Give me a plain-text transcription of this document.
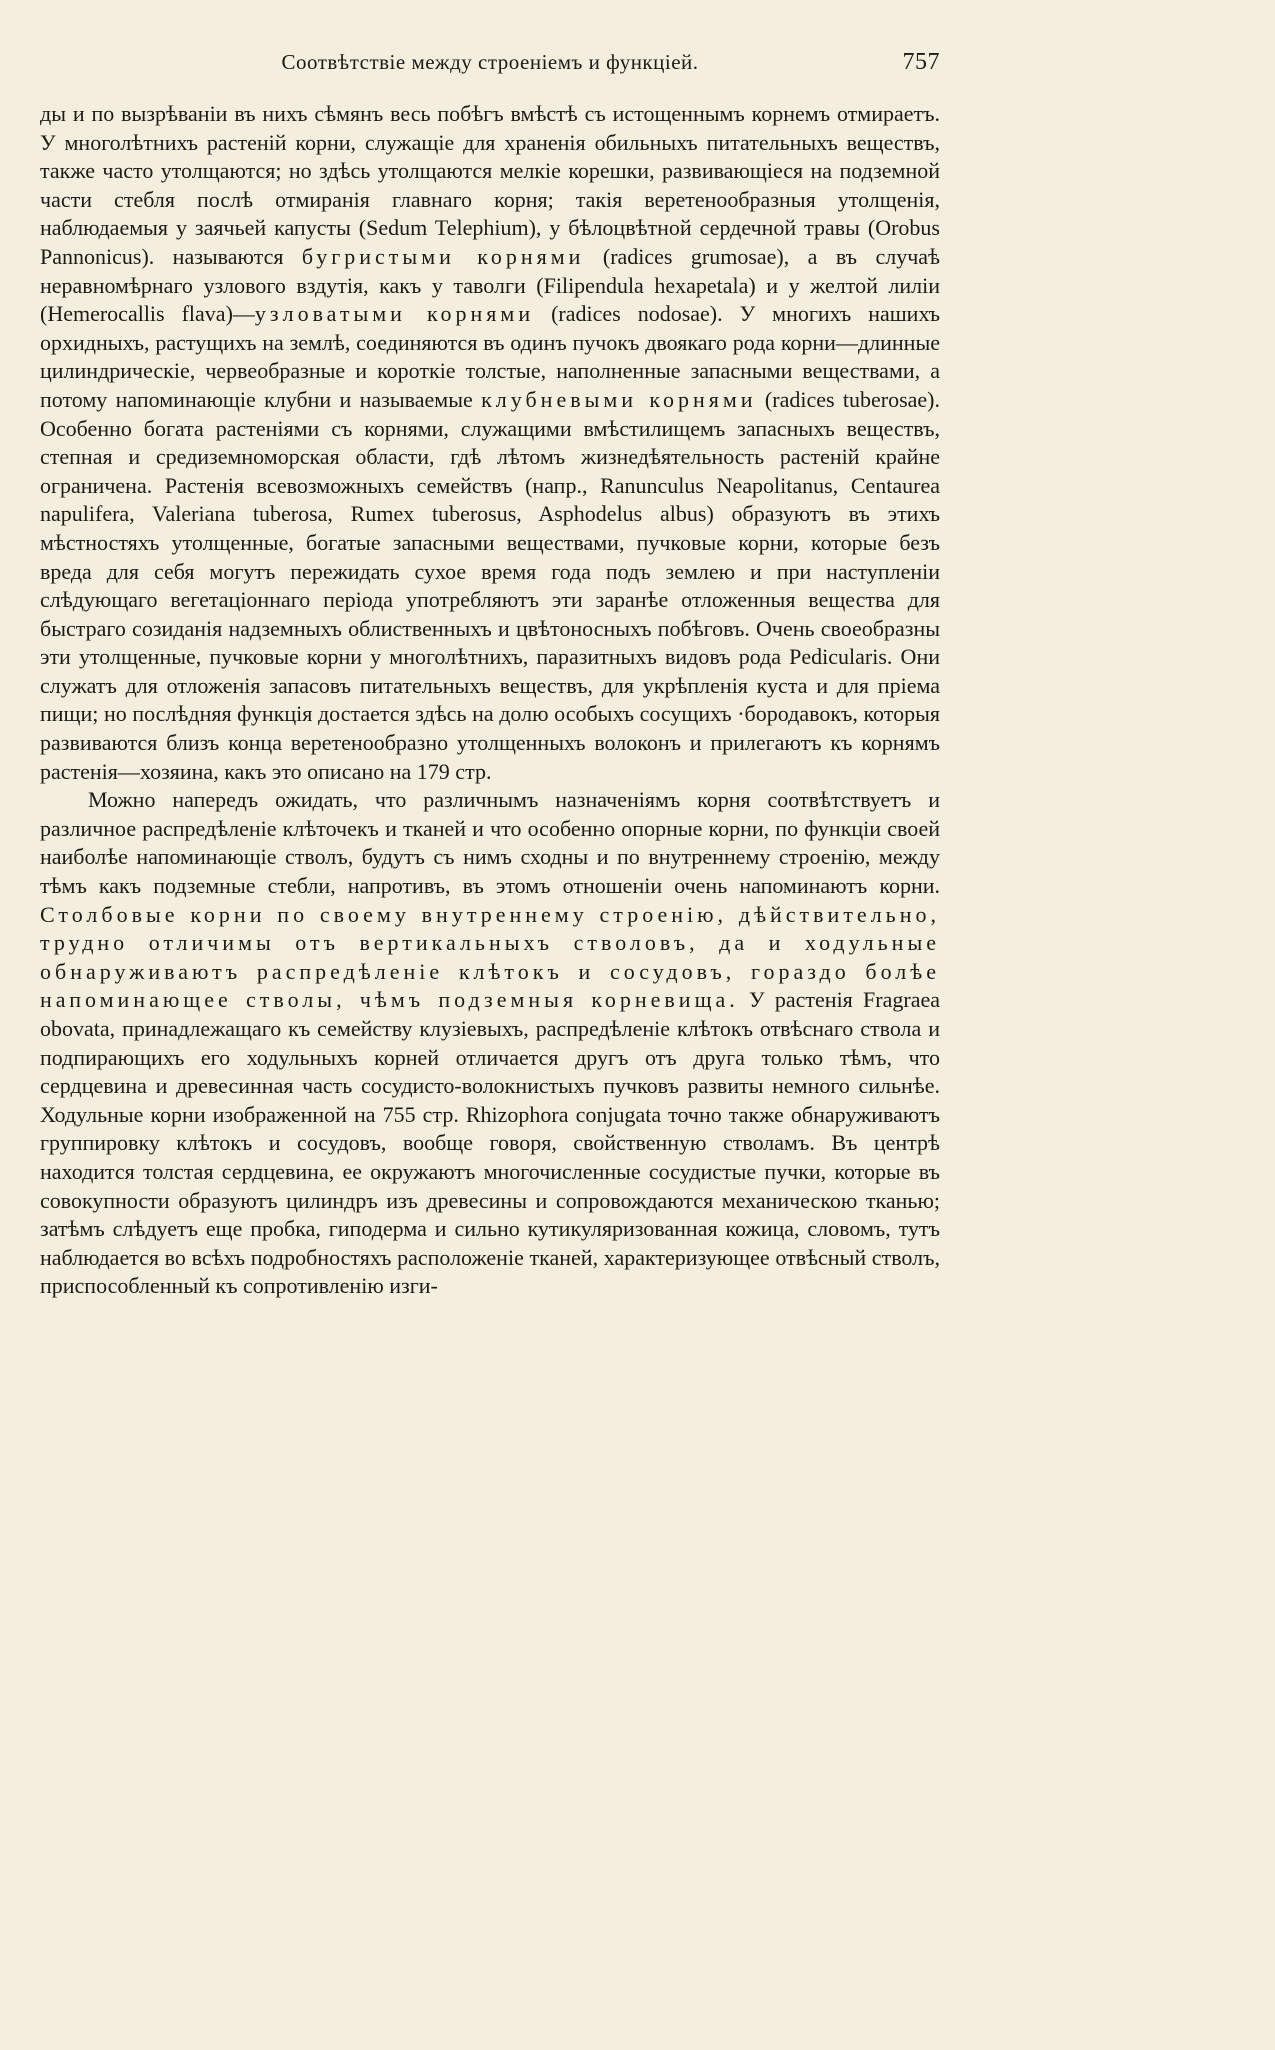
Соотвѣтствіе между строеніемъ и функціей.	757

ды и по вызрѣваніи въ нихъ сѣмянъ весь побѣгъ вмѣстѣ съ истощеннымъ корнемъ отмираетъ. У многолѣтнихъ растеній корни, служащіе для храненія обильныхъ питательныхъ веществъ, также часто утолщаются; но здѣсь утолщаются мелкіе корешки, развивающіеся на подземной части стебля послѣ отмиранія главнаго корня; такія веретенообразныя утолщенія, наблюдаемыя у заячьей капусты (Sedum Telephium), у бѣлоцвѣтной сердечной травы (Orobus Pannonicus). называются бугристыми корнями (radices grumosae), а въ случаѣ неравномѣрнаго узлового вздутія, какъ у таволги (Filipendula hexapetala) и у желтой лиліи (Hemerocallis flava)—узловатыми корнями (radices nodosae). У многихъ нашихъ орхидныхъ, растущихъ на землѣ, соединяются въ одинъ пучокъ двоякаго рода корни—длинные цилиндрическіе, червеобразные и короткіе толстые, наполненные запасными веществами, а потому напоминающіе клубни и называемые клубневыми корнями (radices tuberosae). Особенно богата растеніями съ корнями, служащими вмѣстилищемъ запасныхъ веществъ, степная и средиземноморская области, гдѣ лѣтомъ жизнедѣятельность растеній крайне ограничена. Растенія всевозможныхъ семействъ (напр., Ranunculus Neapolitanus, Centaurea napulifera, Valeriana tuberosa, Rumex tuberosus, Asphodelus albus) образуютъ въ этихъ мѣстностяхъ утолщенные, богатые запасными веществами, пучковые корни, которые безъ вреда для себя могутъ пережидать сухое время года подъ землею и при наступленіи слѣдующаго вегетаціоннаго періода употребляютъ эти заранѣе отложенныя вещества для быстраго созиданія надземныхъ облиственныхъ и цвѣтоносныхъ побѣговъ. Очень своеобразны эти утолщенные, пучковые корни у многолѣтнихъ, паразитныхъ видовъ рода Pedicularis. Они служатъ для отложенія запасовъ питательныхъ веществъ, для укрѣпленія куста и для пріема пищи; но послѣдняя функція достается здѣсь на долю особыхъ сосущихъ ·бородавокъ, которыя развиваются близъ конца веретенообразно утолщенныхъ волоконъ и прилегаютъ къ корнямъ растенія—хозяина, какъ это описано на 179 стр.

Можно напередъ ожидать, что различнымъ назначеніямъ корня соотвѣтствуетъ и различное распредѣленіе клѣточекъ и тканей и что особенно опорные корни, по функціи своей наиболѣе напоминающіе стволъ, будутъ съ нимъ сходны и по внутреннему строенію, между тѣмъ какъ подземные стебли, напротивъ, въ этомъ отношеніи очень напоминаютъ корни. Столбовые корни по своему внутреннему строенію, дѣйствительно, трудно отличимы отъ вертикальныхъ стволовъ, да и ходульные обнаруживаютъ распредѣленіе клѣтокъ и сосудовъ, гораздо болѣе напоминающее стволы, чѣмъ подземныя корневища. У растенія Fragraea obovata, принадлежащаго къ семейству клузіевыхъ, распредѣленіе клѣтокъ отвѣснаго ствола и подпирающихъ его ходульныхъ корней отличается другъ отъ друга только тѣмъ, что сердцевина и древесинная часть сосудисто-волокнистыхъ пучковъ развиты немного сильнѣе. Ходульные корни изображенной на 755 стр. Rhizophora conjugata точно также обнаруживаютъ группировку клѣтокъ и сосудовъ, вообще говоря, свойственную стволамъ. Въ центрѣ находится толстая сердцевина, ее окружаютъ многочисленные сосудистые пучки, которые въ совокупности образуютъ цилиндръ изъ древесины и сопровождаются механическою тканью; затѣмъ слѣдуетъ еще пробка, гиподерма и сильно кутикуляризованная кожица, словомъ, тутъ наблюдается во всѣхъ подробностяхъ расположеніе тканей, характеризующее отвѣсный стволъ, приспособленный къ сопротивленію изги-
